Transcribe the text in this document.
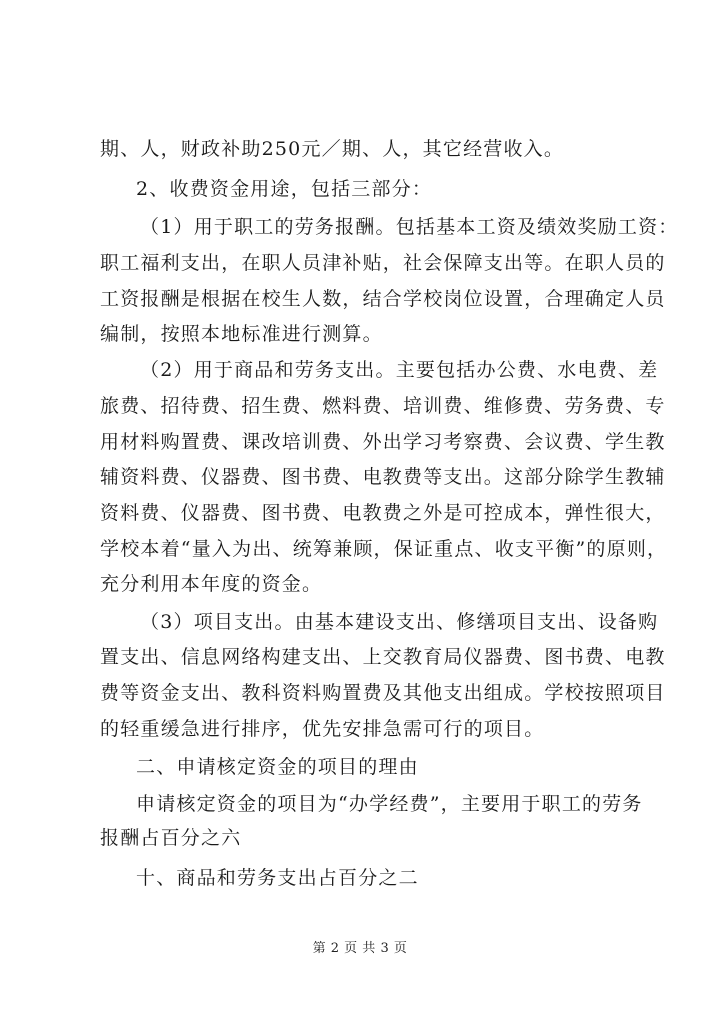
期、人，财政补助250元／期、人，其它经营收入。
2、收费资金用途，包括三部分：
（1）用于职工的劳务报酬。包括基本工资及绩效奖励工资：
职工福利支出，在职人员津补贴，社会保障支出等。在职人员的
工资报酬是根据在校生人数，结合学校岗位设置，合理确定人员
编制，按照本地标准进行测算。
（2）用于商品和劳务支出。主要包括办公费、水电费、差
旅费、招待费、招生费、燃料费、培训费、维修费、劳务费、专
用材料购置费、课改培训费、外出学习考察费、会议费、学生教
辅资料费、仪器费、图书费、电教费等支出。这部分除学生教辅
资料费、仪器费、图书费、电教费之外是可控成本，弹性很大，
学校本着“量入为出、统筹兼顾，保证重点、收支平衡”的原则，
充分利用本年度的资金。
（3）项目支出。由基本建设支出、修缮项目支出、设备购
置支出、信息网络构建支出、上交教育局仪器费、图书费、电教
费等资金支出、教科资料购置费及其他支出组成。学校按照项目
的轻重缓急进行排序，优先安排急需可行的项目。
二、申请核定资金的项目的理由
申请核定资金的项目为“办学经费”，主要用于职工的劳务
报酬占百分之六
十、商品和劳务支出占百分之二
第 2 页 共 3 页
